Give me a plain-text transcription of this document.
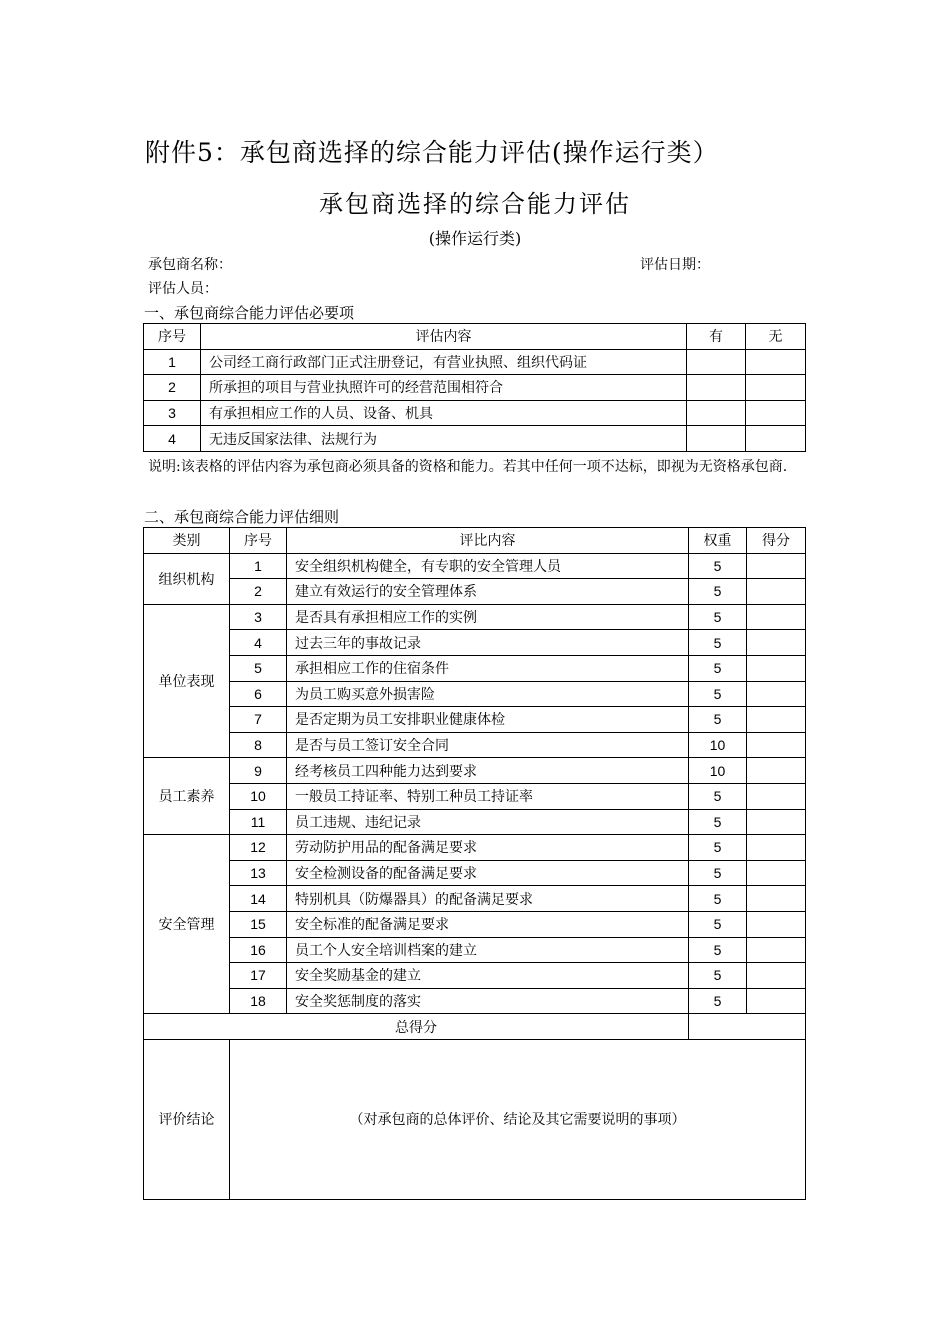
附件5：承包商选择的综合能力评估(操作运行类）
承包商选择的综合能力评估
(操作运行类)
承包商名称：	评估日期：
评估人员：
一、承包商综合能力评估必要项
序号	评估内容	有	无
1	公司经工商行政部门正式注册登记，有营业执照、组织代码证		
2	所承担的项目与营业执照许可的经营范围相符合		
3	有承担相应工作的人员、设备、机具		
4	无违反国家法律、法规行为		
说明:该表格的评估内容为承包商必须具备的资格和能力。若其中任何一项不达标，即视为无资格承包商.
二、承包商综合能力评估细则
类别	序号	评比内容	权重	得分
组织机构	1	安全组织机构健全，有专职的安全管理人员	5	
	2	建立有效运行的安全管理体系	5	
单位表现	3	是否具有承担相应工作的实例	5	
	4	过去三年的事故记录	5	
	5	承担相应工作的住宿条件	5	
	6	为员工购买意外损害险	5	
	7	是否定期为员工安排职业健康体检	5	
	8	是否与员工签订安全合同	10	
员工素养	9	经考核员工四种能力达到要求	10	
	10	一般员工持证率、特别工种员工持证率	5	
	11	员工违规、违纪记录	5	
安全管理	12	劳动防护用品的配备满足要求	5	
	13	安全检测设备的配备满足要求	5	
	14	特别机具（防爆器具）的配备满足要求	5	
	15	安全标准的配备满足要求	5	
	16	员工个人安全培训档案的建立	5	
	17	安全奖励基金的建立	5	
	18	安全奖惩制度的落实	5	
总得分				
评价结论	（对承包商的总体评价、结论及其它需要说明的事项）			
